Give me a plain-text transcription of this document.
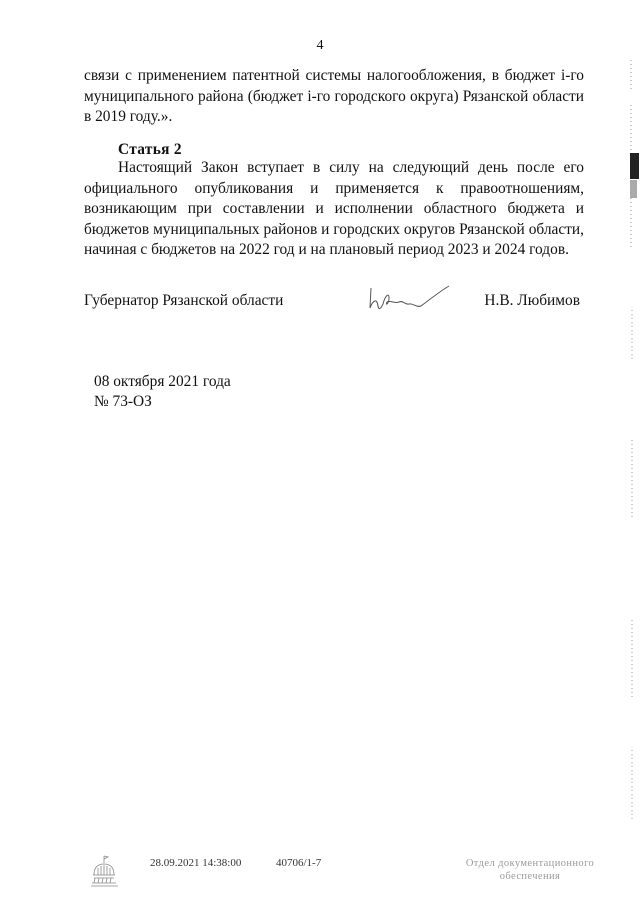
4
связи с применением патентной системы налогообложения, в бюджет i-го
муниципального района (бюджет i-го городского округа) Рязанской области
в 2019 году.».
Статья 2
Настоящий Закон вступает в силу на следующий день после его
официального опубликования и применяется к правоотношениям,
возникающим при составлении и исполнении областного бюджета и
бюджетов муниципальных районов и городских округов Рязанской области,
начиная с бюджетов на 2022 год и на плановый период 2023 и 2024 годов.
Губернатор Рязанской области	Н.В. Любимов
08 октября 2021 года
№ 73-ОЗ
28.09.2021 14:38:00	40706/1-7	Отдел документационного
обеспечения
